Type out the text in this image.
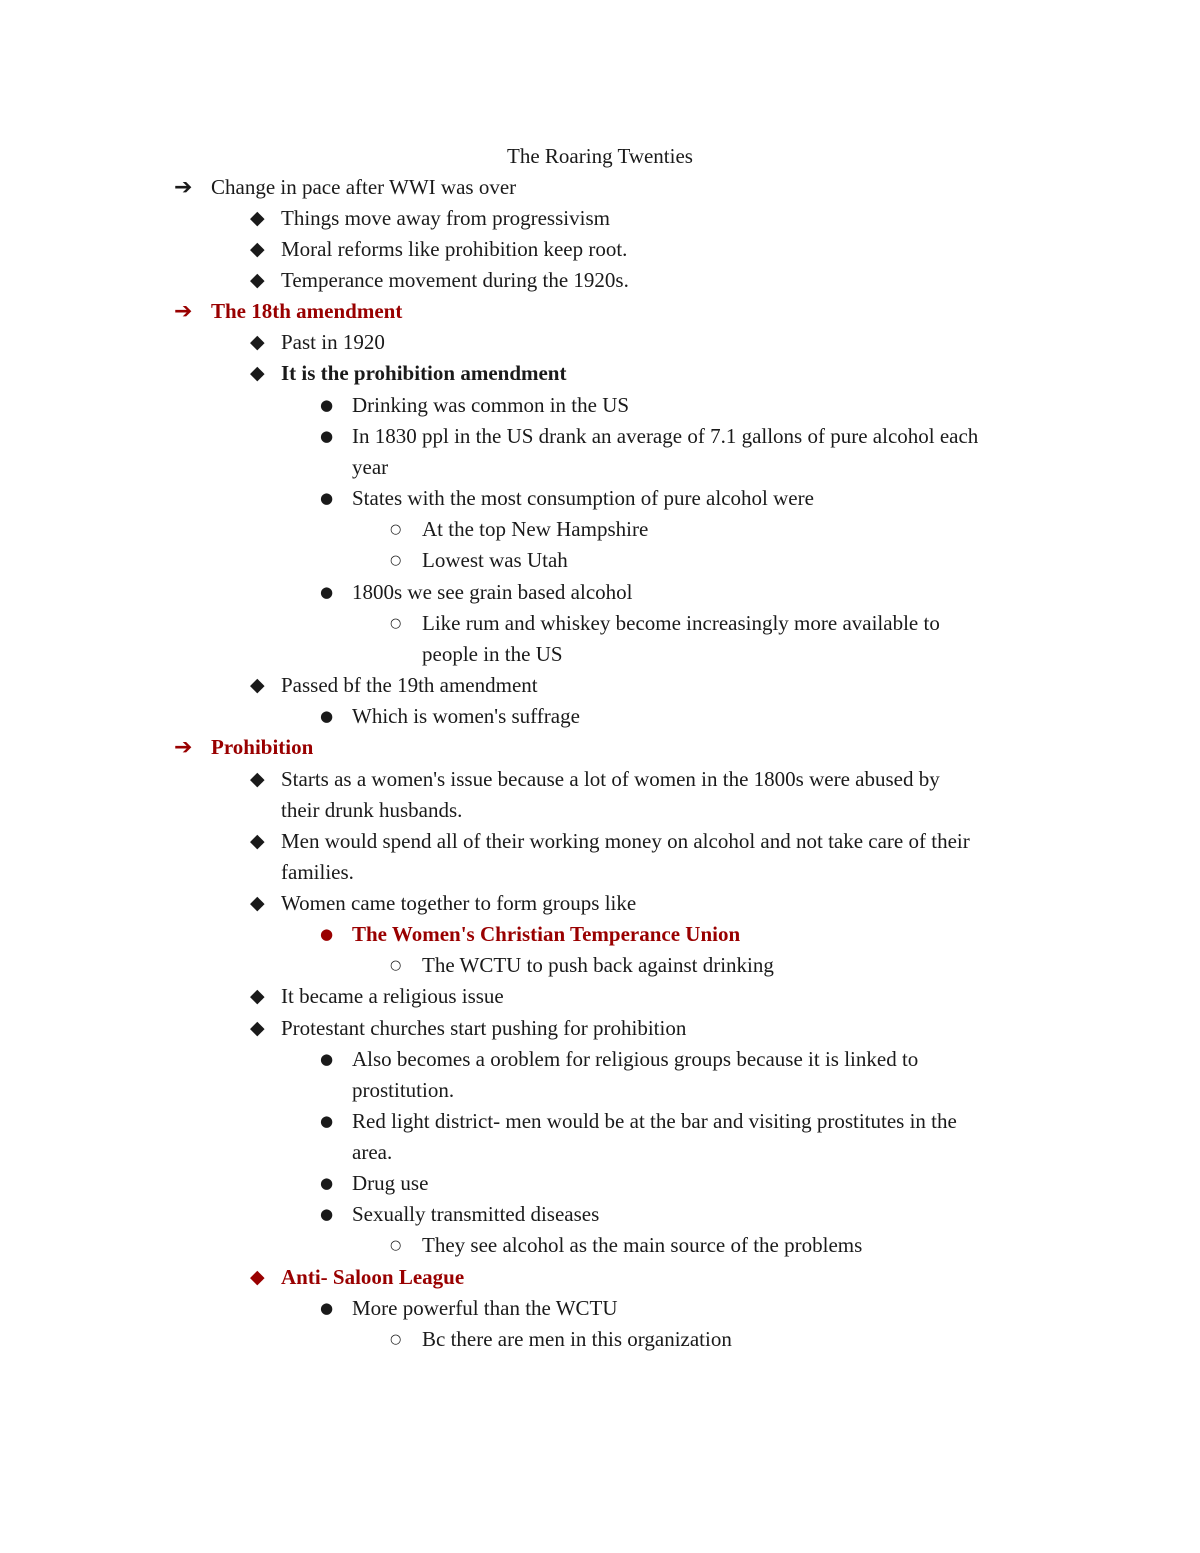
The Roaring Twenties
➔ Change in pace after WWI was over
◆ Things move away from progressivism
◆ Moral reforms like prohibition keep root.
◆ Temperance movement during the 1920s.
➔ The 18th amendment
◆ Past in 1920
◆ It is the prohibition amendment
● Drinking was common in the US
● In 1830 ppl in the US drank an average of 7.1 gallons of pure alcohol each
year
● States with the most consumption of pure alcohol were
○ At the top New Hampshire
○ Lowest was Utah
● 1800s we see grain based alcohol
○ Like rum and whiskey become increasingly more available to
people in the US
◆ Passed bf the 19th amendment
● Which is women's suffrage
➔ Prohibition
◆ Starts as a women's issue because a lot of women in the 1800s were abused by
their drunk husbands.
◆ Men would spend all of their working money on alcohol and not take care of their
families.
◆ Women came together to form groups like
● The Women's Christian Temperance Union
○ The WCTU to push back against drinking
◆ It became a religious issue
◆ Protestant churches start pushing for prohibition
● Also becomes a oroblem for religious groups because it is linked to
prostitution.
● Red light district- men would be at the bar and visiting prostitutes in the
area.
● Drug use
● Sexually transmitted diseases
○ They see alcohol as the main source of the problems
◆ Anti- Saloon League
● More powerful than the WCTU
○ Bc there are men in this organization
